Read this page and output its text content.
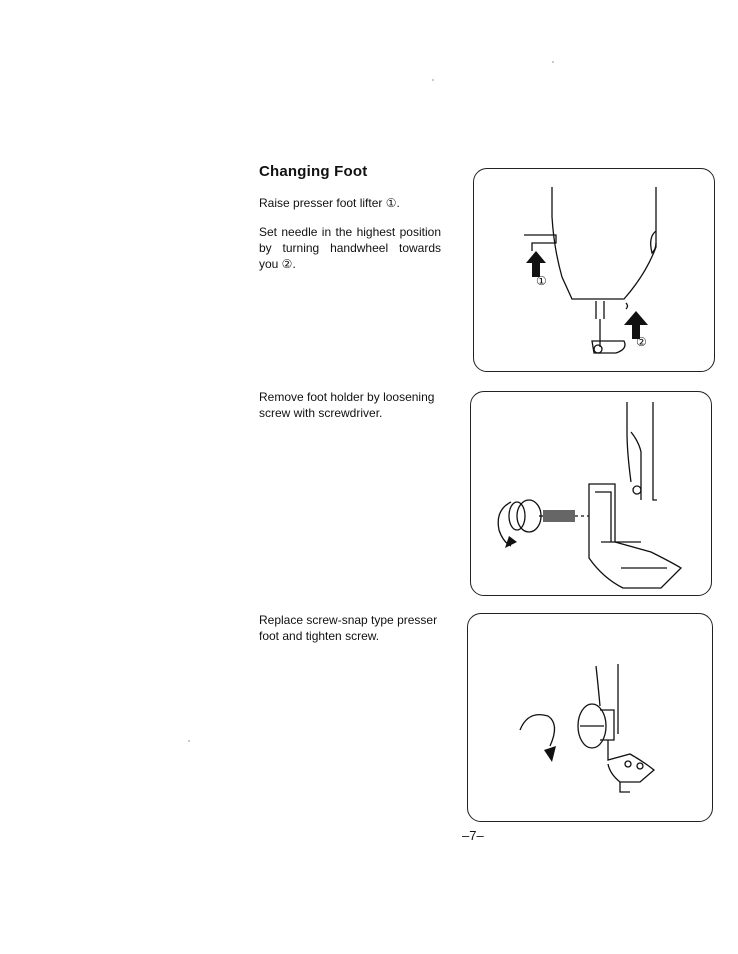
Changing Foot
Raise presser foot lifter ①.
Set needle in the highest position by turning handwheel towards you ②.
Remove foot holder by loosening screw with screwdriver.
Replace screw-snap type presser foot and tighten screw.
①
②
–7–
